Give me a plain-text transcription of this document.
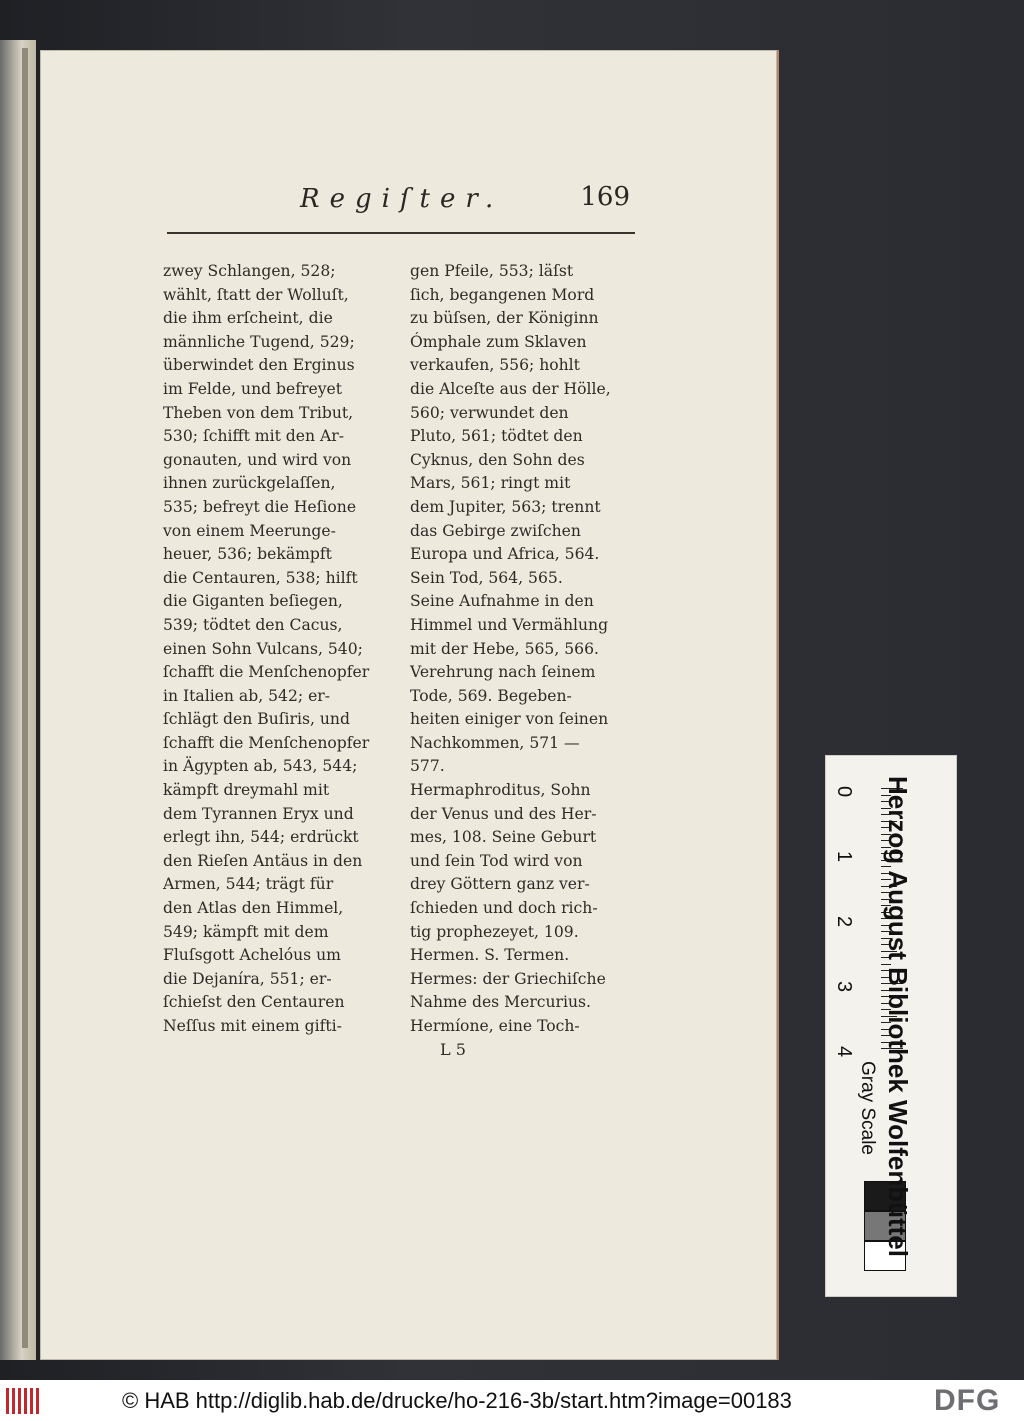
Regiſter.	169
zwey Schlangen, 528;
wählt, ſtatt der Wolluſt,
die ihm erſcheint, die
männliche Tugend, 529;
überwindet den Erginus
im Felde, und befreyet
Theben von dem Tribut,
530; ſchifft mit den Ar-
gonauten, und wird von
ihnen zurückgelaſſen,
535; befreyt die Heſione
von einem Meerunge-
heuer, 536; bekämpft
die Centauren, 538; hilft
die Giganten beſiegen,
539; tödtet den Cacus,
einen Sohn Vulcans, 540;
ſchafft die Menſchenopfer
in Italien ab, 542; er-
ſchlägt den Buſiris, und
ſchafft die Menſchenopfer
in Ägypten ab, 543, 544;
kämpft dreymahl mit
dem Tyrannen Eryx und
erlegt ihn, 544; erdrückt
den Rieſen Antäus in den
Armen, 544; trägt für
den Atlas den Himmel,
549; kämpft mit dem
Fluſsgott Achelóus um
die Dejaníra, 551; er-
ſchieſst den Centauren
Neſſus mit einem gifti-
gen Pfeile, 553; läſst
ſich, begangenen Mord
zu büſsen, der Königinn
Ómphale zum Sklaven
verkaufen, 556; hohlt
die Alceſte aus der Hölle,
560; verwundet den
Pluto, 561; tödtet den
Cyknus, den Sohn des
Mars, 561; ringt mit
dem Jupiter, 563; trennt
das Gebirge zwiſchen
Europa und Africa, 564.
Sein Tod, 564, 565.
Seine Aufnahme in den
Himmel und Vermählung
mit der Hebe, 565, 566.
Verehrung nach ſeinem
Tode, 569. Begeben-
heiten einiger von ſeinen
Nachkommen, 571 —
577.
Hermaphroditus, Sohn
der Venus und des Her-
mes, 108. Seine Geburt
und ſein Tod wird von
drey Göttern ganz ver-
ſchieden und doch rich-
tig prophezeyet, 109.
Hermen. S. Termen.
Hermes: der Griechiſche
Nahme des Mercurius.
Hermíone, eine Toch-
L 5
0
1
2
3
4
Gray Scale Herzog August Bibliothek Wolfenbüttel
© HAB http://diglib.hab.de/drucke/ho-216-3b/start.htm?image=00183	DFG
